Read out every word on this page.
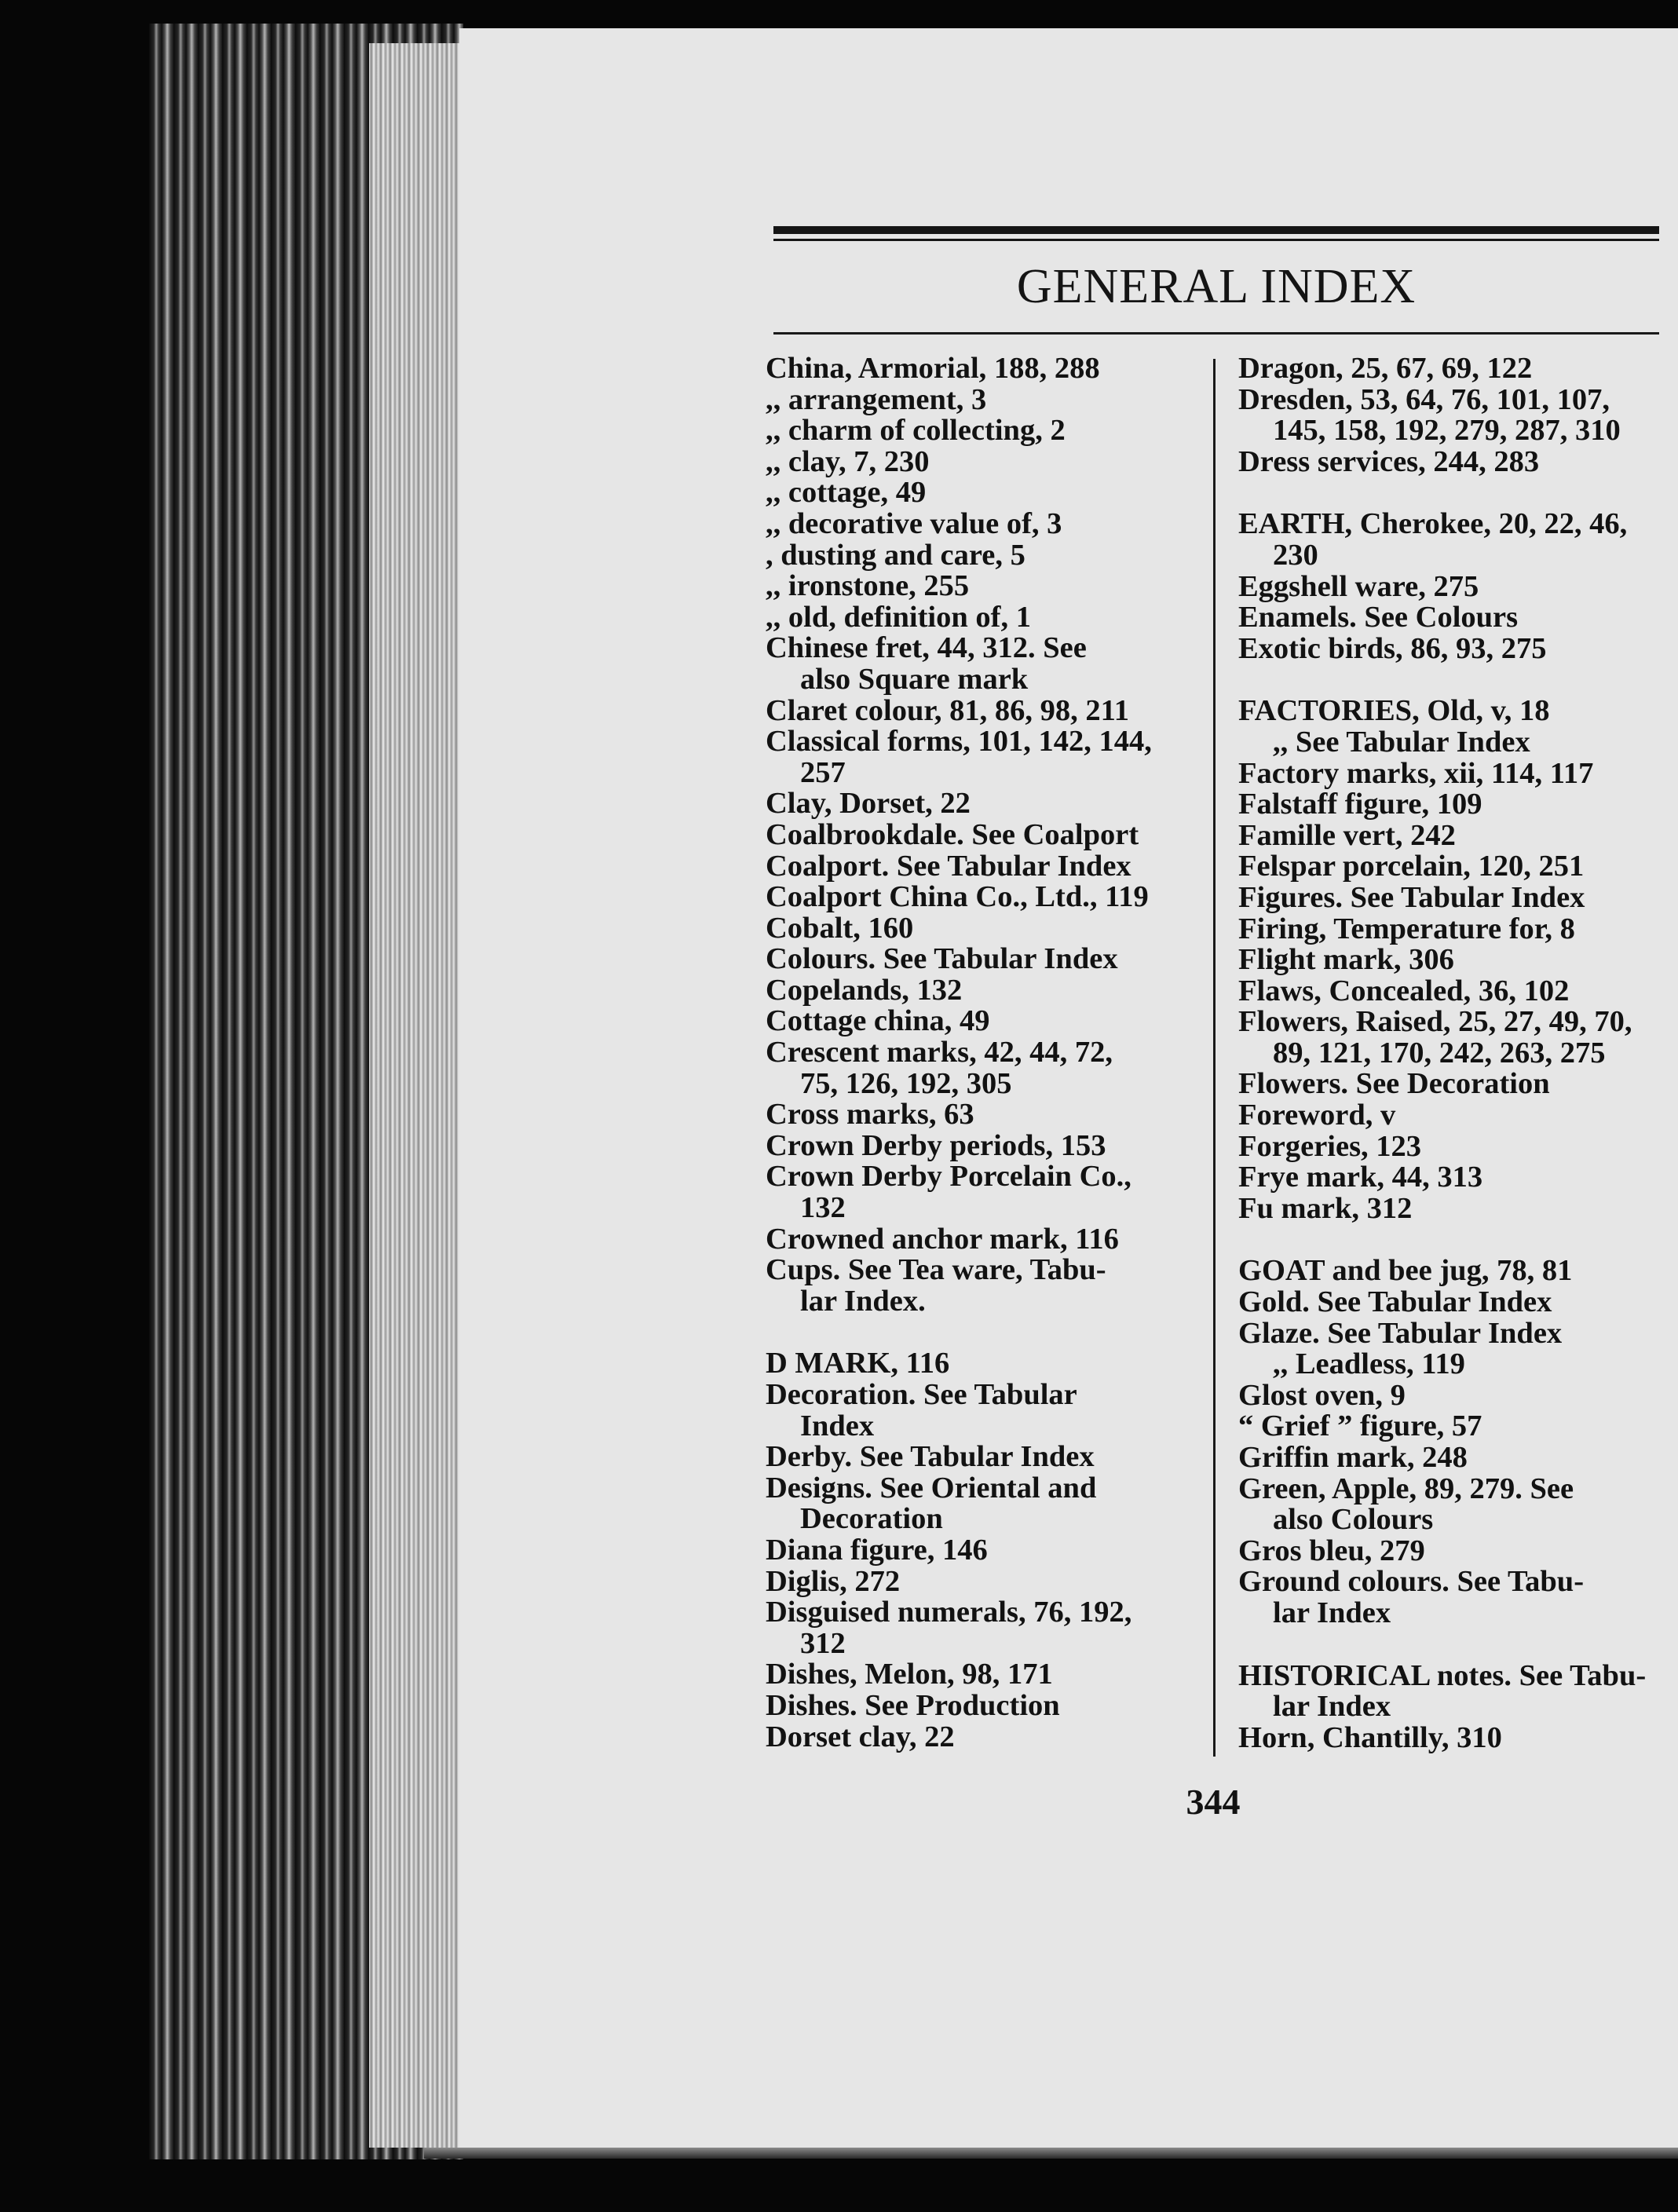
GENERAL INDEX
China, Armorial, 188, 288
,, arrangement, 3
,, charm of collecting, 2
,, clay, 7, 230
,, cottage, 49
,, decorative value of, 3
, dusting and care, 5
,, ironstone, 255
,, old, definition of, 1
Chinese fret, 44, 312. See
also Square mark
Claret colour, 81, 86, 98, 211
Classical forms, 101, 142, 144,
257
Clay, Dorset, 22
Coalbrookdale. See Coalport
Coalport. See Tabular Index
Coalport China Co., Ltd., 119
Cobalt, 160
Colours. See Tabular Index
Copelands, 132
Cottage china, 49
Crescent marks, 42, 44, 72,
75, 126, 192, 305
Cross marks, 63
Crown Derby periods, 153
Crown Derby Porcelain Co.,
132
Crowned anchor mark, 116
Cups. See Tea ware, Tabu-
lar Index.
D MARK, 116
Decoration. See Tabular
Index
Derby. See Tabular Index
Designs. See Oriental and
Decoration
Diana figure, 146
Diglis, 272
Disguised numerals, 76, 192,
312
Dishes, Melon, 98, 171
Dishes. See Production
Dorset clay, 22
Dragon, 25, 67, 69, 122
Dresden, 53, 64, 76, 101, 107,
145, 158, 192, 279, 287, 310
Dress services, 244, 283
EARTH, Cherokee, 20, 22, 46,
230
Eggshell ware, 275
Enamels. See Colours
Exotic birds, 86, 93, 275
FACTORIES, Old, v, 18
,, See Tabular Index
Factory marks, xii, 114, 117
Falstaff figure, 109
Famille vert, 242
Felspar porcelain, 120, 251
Figures. See Tabular Index
Firing, Temperature for, 8
Flight mark, 306
Flaws, Concealed, 36, 102
Flowers, Raised, 25, 27, 49, 70,
89, 121, 170, 242, 263, 275
Flowers. See Decoration
Foreword, v
Forgeries, 123
Frye mark, 44, 313
Fu mark, 312
GOAT and bee jug, 78, 81
Gold. See Tabular Index
Glaze. See Tabular Index
,, Leadless, 119
Glost oven, 9
“ Grief ” figure, 57
Griffin mark, 248
Green, Apple, 89, 279. See
also Colours
Gros bleu, 279
Ground colours. See Tabu-
lar Index
HISTORICAL notes. See Tabu-
lar Index
Horn, Chantilly, 310
344
